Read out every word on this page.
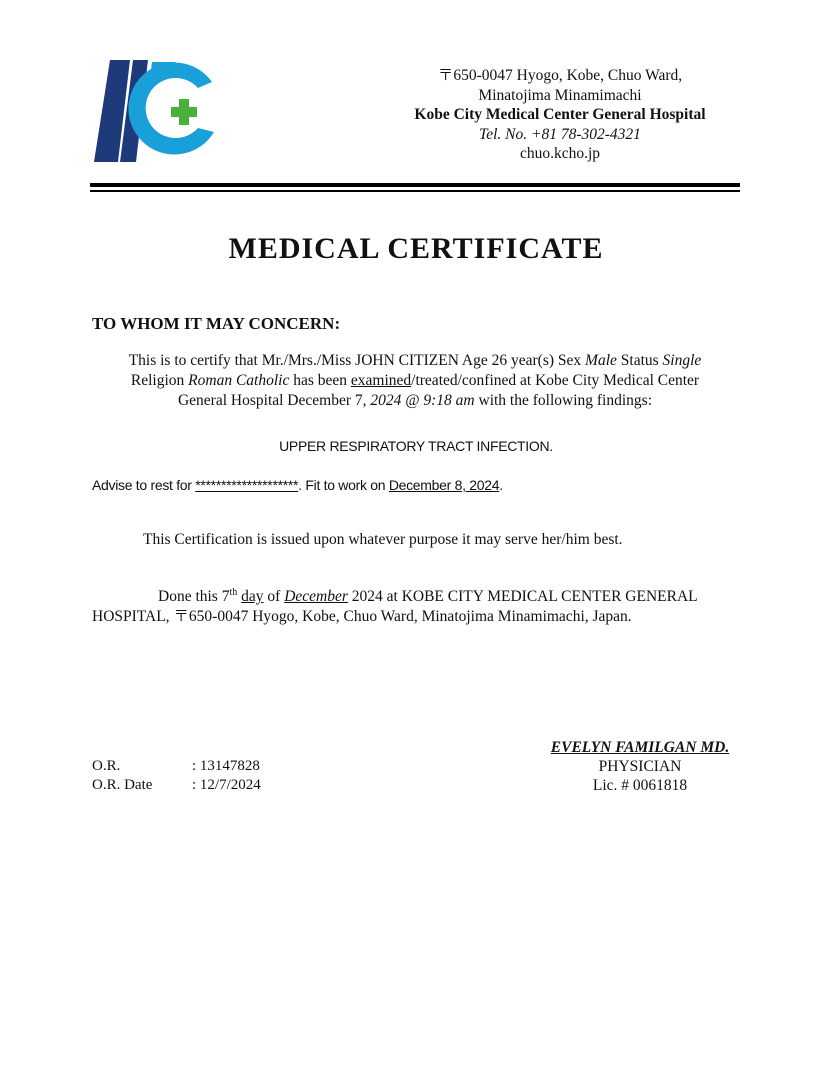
〒650-0047 Hyogo, Kobe, Chuo Ward,
Minatojima Minamimachi
Kobe City Medical Center General Hospital
Tel. No. +81 78-302-4321
chuo.kcho.jp
MEDICAL CERTIFICATE
TO WHOM IT MAY CONCERN:
This is to certify that Mr./Mrs./Miss JOHN CITIZEN Age 26 year(s) Sex Male Status Single
Religion Roman Catholic has been examined/treated/confined at Kobe City Medical Center
General Hospital December 7, 2024 @ 9:18 am with the following findings:
UPPER RESPIRATORY TRACT INFECTION.
Advise to rest for ********************. Fit to work on December 8, 2024.
This Certification is issued upon whatever purpose it may serve her/him best.
Done this 7th day of December 2024 at KOBE CITY MEDICAL CENTER GENERAL
HOSPITAL, 〒650-0047 Hyogo, Kobe, Chuo Ward, Minatojima Minamimachi, Japan.
EVELYN FAMILGAN MD.
PHYSICIAN
Lic. # 0061818
O.R.	: 13147828
O.R. Date	: 12/7/2024
